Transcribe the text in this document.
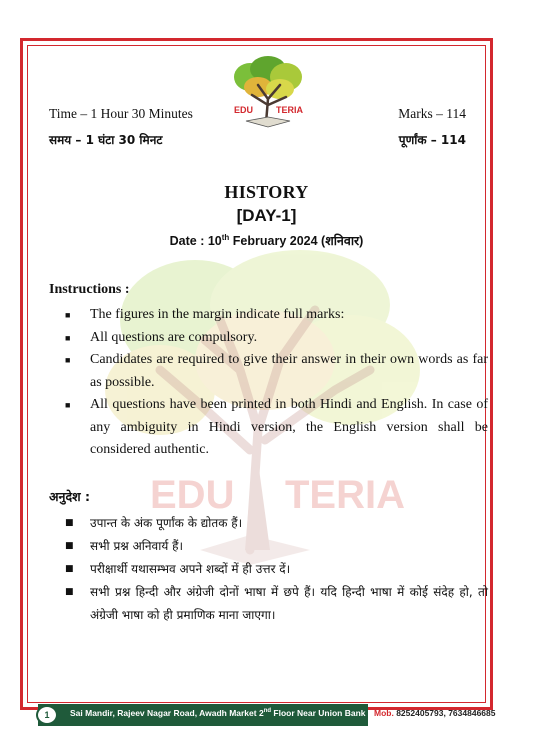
EDU TERIA
EDU	TERIA
Time – 1 Hour 30 Minutes
समय – 1 घंटा 30 मिनट
Marks – 114
पूर्णांक – 114
HISTORY
[DAY-1]
Date : 10th February 2024 (शनिवार)
Instructions :
■ The figures in the margin indicate full marks:
■ All questions are compulsory.
■ Candidates are required to give their answer in their own words as far as possible.
■ All questions have been printed in both Hindi and English. In case of any ambiguity in Hindi version, the English version shall be considered authentic.
अनुदेश :
■ उपान्त के अंक पूर्णांक के द्योतक हैं।
■ सभी प्रश्न अनिवार्य हैं।
■ परीक्षार्थी यथासम्भव अपने शब्दों में ही उत्तर दें।
■ सभी प्रश्न हिन्दी और अंग्रेजी दोनों भाषा में छपे हैं। यदि हिन्दी भाषा में कोई संदेह हो, तो अंग्रेजी भाषा को ही प्रमाणिक माना जाएगा।
Sai Mandir, Rajeev Nagar Road, Awadh Market 2nd Floor Near Union Bank
1	Mob. 8252405793, 7634846685
